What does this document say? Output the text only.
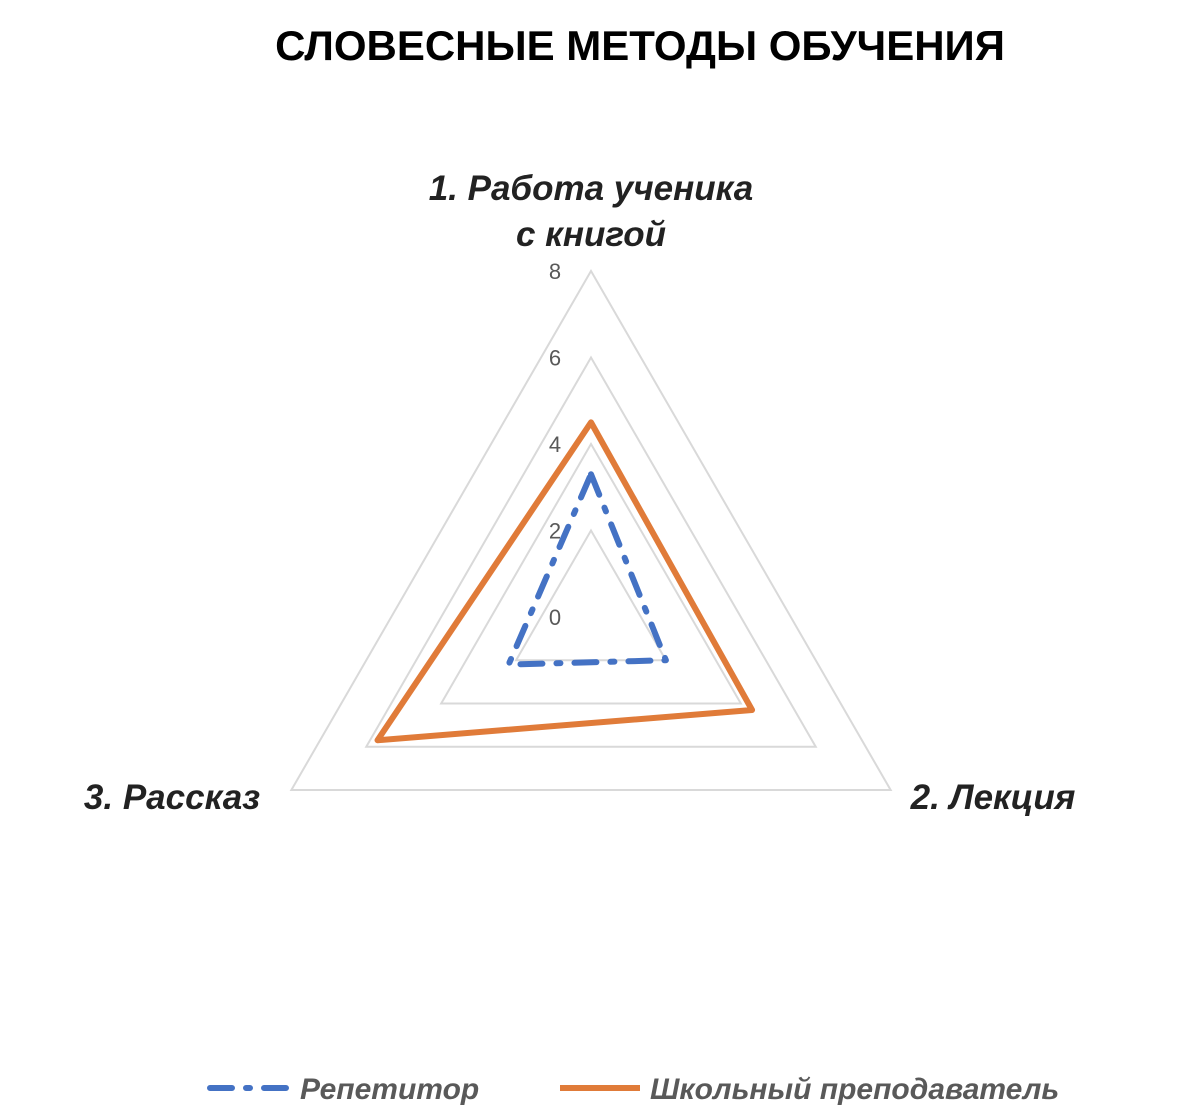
СЛОВЕСНЫЕ МЕТОДЫ ОБУЧЕНИЯ
0
2
4
6
8
1. Работа ученика
с книгой
2. Лекция
3. Рассказ
Репетитор	Школьный преподаватель
